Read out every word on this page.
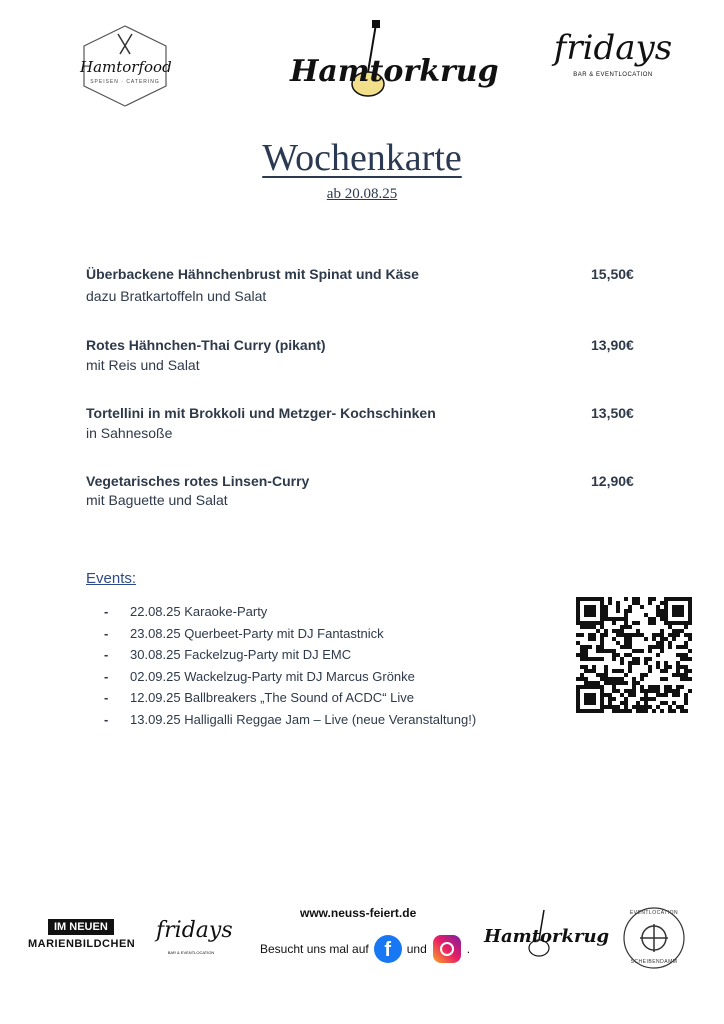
Hamtorfood
SPEISEN · CATERING	Hamtorkrug
fridays
BAR & EVENTLOCATION
Wochenkarte
ab 20.08.25
Überbackene Hähnchenbrust mit Spinat und Käse
dazu Bratkartoffeln und Salat
15,50€
Rotes Hähnchen-Thai Curry (pikant)
mit Reis und Salat
13,90€
Tortellini in mit Brokkoli und Metzger- Kochschinken
in Sahnesoße
13,50€
Vegetarisches rotes Linsen-Curry
mit Baguette und Salat
12,90€
Events:
- 22.08.25 Karaoke-Party
- 23.08.25 Querbeet-Party mit DJ Fantastnick
- 30.08.25 Fackelzug-Party mit DJ EMC
- 02.09.25 Wackelzug-Party mit DJ Marcus Grönke
- 12.09.25 Ballbreakers „The Sound of ACDC“ Live
- 13.09.25 Halligalli Reggae Jam – Live (neue Veranstaltung!)
IM NEUEN
MARIENBILDCHEN
fridays
BAR & EVENTLOCATION
www.neuss-feiert.de
Besucht uns mal auf f	und	.
Hamtorkrug
EVENTLOCATION
SCHEIBENDAMM
